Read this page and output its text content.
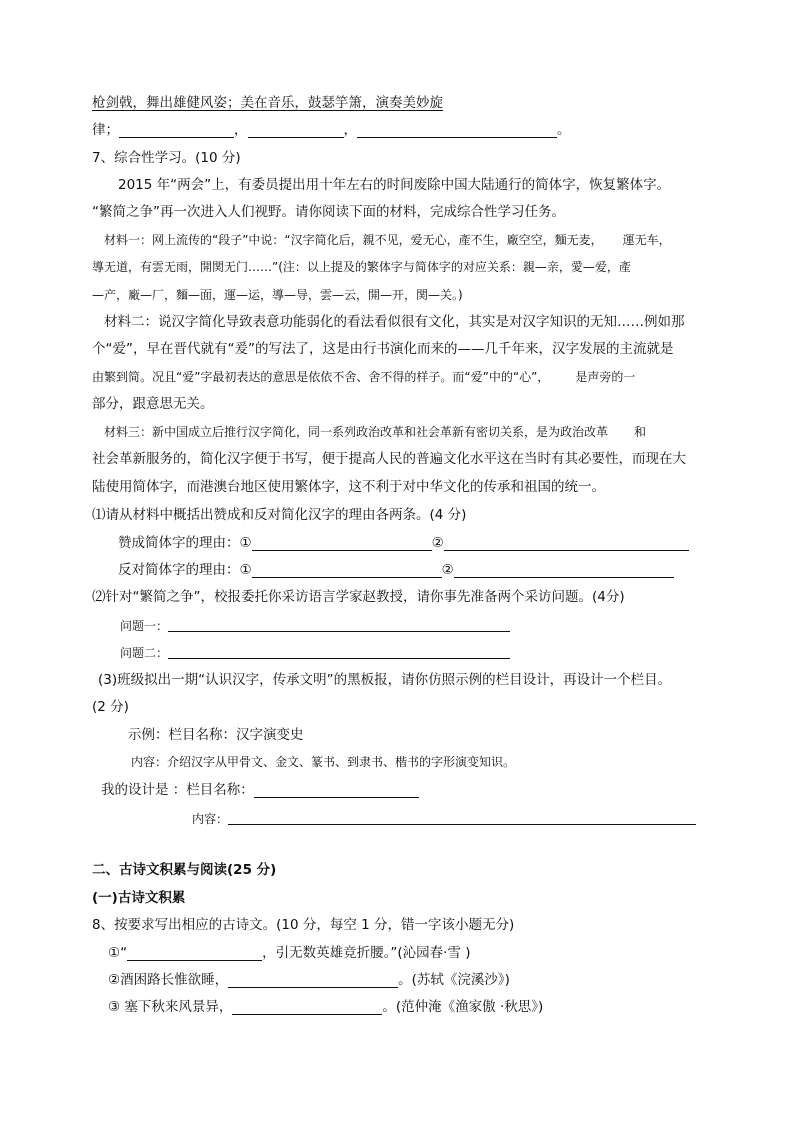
枪剑戟，舞出雄健风姿；美在音乐，鼓瑟竽箫，演奏美妙旋
律；	，	，	。
7、综合性学习。(10 分)
2015 年“两会”上，有委员提出用十年左右的时间废除中国大陆通行的简体字，恢复繁体字。
“繁简之争”再一次进入人们视野。请你阅读下面的材料，完成综合性学习任务。
材料一：网上流传的“段子”中说：“汉字简化后，親不见，爱无心，產不生，廠空空，麵无麦， 運无车，
導无道，有雲无雨，開関无门……”(注：以上提及的繁体字与简体字的对应关系：親—亲，愛—爱，產
—产，廠—厂，麵—面，運—运，導—导，雲—云，開—开，関—关。)
材料二：说汉字简化导致表意功能弱化的看法看似很有文化，其实是对汉字知识的无知……例如那
个“爱”，早在晋代就有“爰”的写法了，这是由行书演化而来的——几千年来，汉字发展的主流就是
由繁到简。况且“爱”字最初表达的意思是依依不舍、舍不得的样子。而“爱”中的“心”， 是声旁的一
部分，跟意思无关。
材料三：新中国成立后推行汉字简化，同一系列政治改革和社会革新有密切关系，是为政治改革 和
社会革新服务的，简化汉字便于书写，便于提高人民的普遍文化水平这在当时有其必要性，而现在大
陆使用简体字，而港澳台地区使用繁体字，这不利于对中华文化的传承和祖国的统一。
⑴请从材料中概括出赞成和反对简化汉字的理由各两条。(4 分)
赞成简体字的理由：①	②
反对简体字的理由：①	②
⑵针对“繁简之争”，校报委托你采访语言学家赵教授，请你事先准备两个采访问题。(4分)
问题一：
问题二：
(3)班级拟出一期“认识汉字，传承文明”的黑板报，请你仿照示例的栏目设计，再设计一个栏目。
(2 分)
示例：栏目名称：汉字演变史
内容：介绍汉字从甲骨文、金文、篆书、到隶书、楷书的字形演变知识。
我的设计是 ：栏目名称：
内容：
二、古诗文积累与阅读(25 分)
(一)古诗文积累
8、按要求写出相应的古诗文。(10 分，每空 1 分，错一字该小题无分)
①“	，引无数英雄竞折腰。”(沁园春·雪 )
②酒困路长惟欲睡，	。(苏轼《浣溪沙》)
③ 塞下秋来风景异，	。(范仲淹《渔家傲 ·秋思》)
